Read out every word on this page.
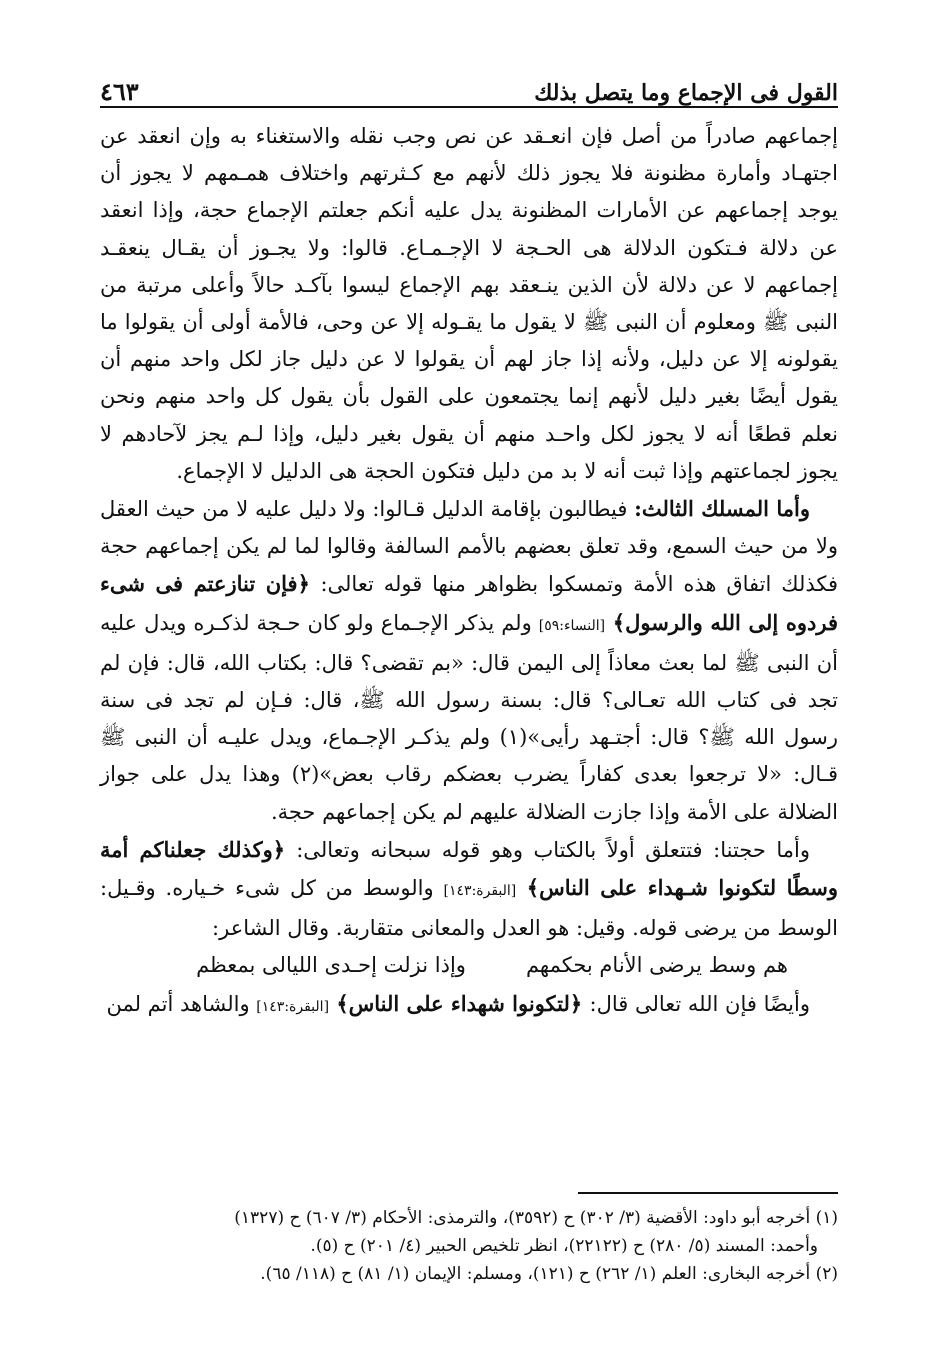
القول فى الإجماع وما يتصل بذلك
٤٦٣

إجماعهم صادراً من أصل فإن انعـقد عن نص وجب نقله والاستغناء به وإن انعقد عن اجتهـاد وأمارة مظنونة فلا يجوز ذلك لأنهم مع كـثرتهم واختلاف همـمهم لا يجوز أن يوجد إجماعهم عن الأمارات المظنونة يدل عليه أنكم جعلتم الإجماع حجة، وإذا انعقد عن دلالة فـتكون الدلالة هى الحـجة لا الإجـمـاع. قالوا: ولا يجـوز أن يقـال ينعقـد إجماعهم لا عن دلالة لأن الذين ينـعقد بهم الإجماع ليسوا بآكـد حالاً وأعلى مرتبة من النبى ﷺ ومعلوم أن النبى ﷺ لا يقول ما يقـوله إلا عن وحى، فالأمة أولى أن يقولوا ما يقولونه إلا عن دليل، ولأنه إذا جاز لهم أن يقولوا لا عن دليل جاز لكل واحد منهم أن يقول أيضًا بغير دليل لأنهم إنما يجتمعون على القول بأن يقول كل واحد منهم ونحن نعلم قطعًا أنه لا يجوز لكل واحـد منهم أن يقول بغير دليل، وإذا لـم يجز لآحادهم لا يجوز لجماعتهم وإذا ثبت أنه لا بد من دليل فتكون الحجة هى الدليل لا الإجماع.

وأما المسلك الثالث: فيطالبون بإقامة الدليل قـالوا: ولا دليل عليه لا من حيث العقل ولا من حيث السمع، وقد تعلق بعضهم بالأمم السالفة وقالوا لما لم يكن إجماعهم حجة فكذلك اتفاق هذه الأمة وتمسكوا بظواهر منها قوله تعالى: ﴿فإن تنازعتم فى شىء فردوه إلى الله والرسول﴾ [النساء:٥٩] ولم يذكر الإجـماع ولو كان حـجة لذكـره ويدل عليه أن النبى ﷺ لما بعث معاذاً إلى اليمن قال: «بم تقضى؟ قال: بكتاب الله، قال: فإن لم تجد فى كتاب الله تعـالى؟ قال: بسنة رسول الله ﷺ، قال: فـإن لم تجد فى سنة رسول الله ﷺ؟ قال: أجتـهد رأيى»(١) ولم يذكـر الإجـماع، ويدل عليـه أن النبى ﷺ قـال: «لا ترجعوا بعدى كفاراً يضرب بعضكم رقاب بعض»(٢) وهذا يدل على جواز الضلالة على الأمة وإذا جازت الضلالة عليهم لم يكن إجماعهم حجة.

وأما حجتنا: فتتعلق أولاً بالكتاب وهو قوله سبحانه وتعالى: ﴿وكذلك جعلناكم أمة وسطًا لتكونوا شـهداء على الناس﴾ [البقرة:١٤٣] والوسط من كل شىء خـياره. وقـيل: الوسط من يرضى قوله. وقيل: هو العدل والمعانى متقاربة. وقال الشاعر:

هم وسط يرضى الأنام بحكمهم
وإذا نزلت إحـدى الليالى بمعظم

وأيضًا فإن الله تعالى قال: ﴿لتكونوا شهداء على الناس﴾ [البقرة:١٤٣] والشاهد أتم لمن

(١) أخرجه أبو داود: الأقضية (٣/ ٣٠٢) ح (٣٥٩٢)، والترمذى: الأحكام (٣/ ٦٠٧) ح (١٣٢٧)
وأحمد: المسند (٥/ ٢٨٠) ح (٢٢١٢٢)، انظر تلخيص الحبير (٤/ ٢٠١) ح (٥).

(٢) أخرجه البخارى: العلم (١/ ٢٦٢) ح (١٢١)، ومسلم: الإيمان (١/ ٨١) ح (١١٨/ ٦٥).
